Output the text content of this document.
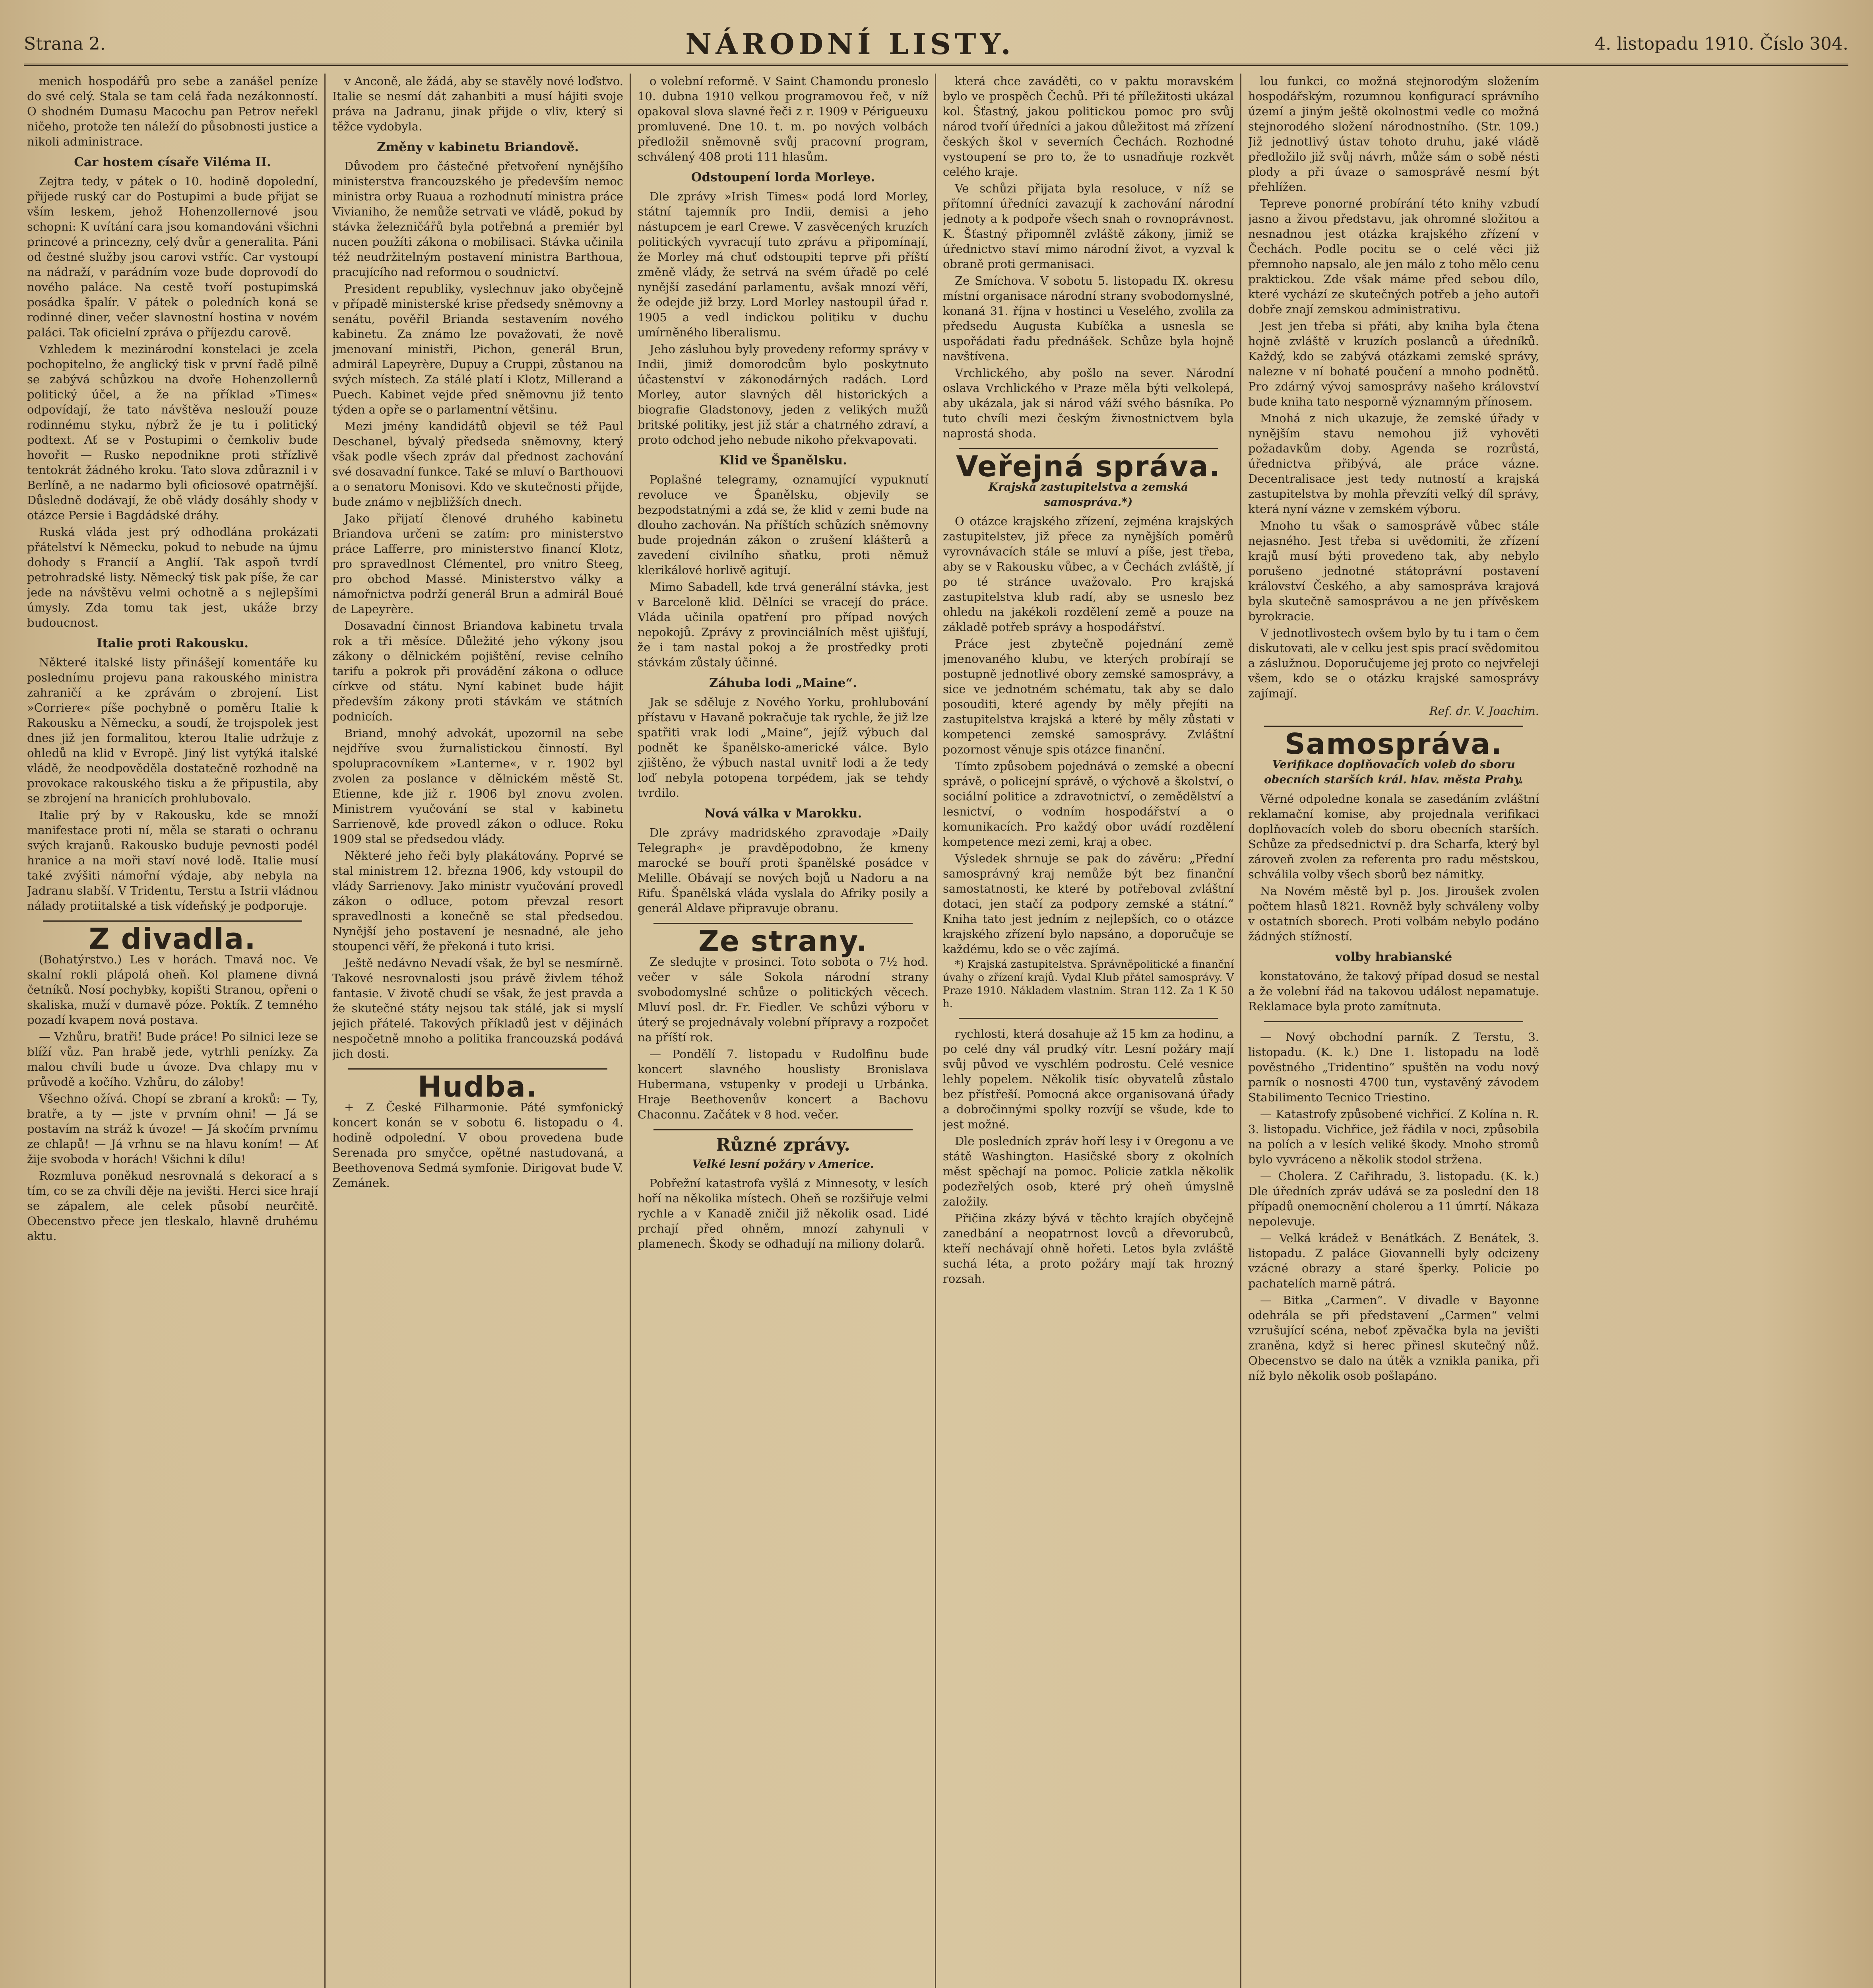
Strana 2.	NÁRODNÍ LISTY.	4. listopadu 1910. Číslo 304.

menich hospodářů pro sebe a zanášel peníze do své celý. Stala se tam celá řada nezákonností. O shodném Dumasu Macochu pan Petrov neřekl ničeho, protože ten náleží do působnosti justice a nikoli administrace.

Car hostem císaře Viléma II.

Zejtra tedy, v pátek o 10. hodině dopolední, přijede ruský car do Postupimi a bude přijat se vším leskem, jehož Hohenzollernové jsou schopni: K uvítání cara jsou komandováni všichni princové a princezny, celý dvůr a generalita. Páni od čestné služby jsou carovi vstříc. Car vystoupí na nádraží, v parádním voze bude doprovodí do nového paláce. Na cestě tvoří postupimská posádka špalír. V pátek o poledních koná se rodinné diner, večer slavnostní hostina v novém paláci. Tak oficielní zpráva o příjezdu carově.

Vzhledem k mezinárodní konstelaci je zcela pochopitelno, že anglický tisk v první řadě pilně se zabývá schůzkou na dvoře Hohenzollernů politický účel, a že na příklad »Times« odpovídají, že tato návštěva neslouží pouze rodinnému styku, nýbrž že je tu i politický podtext. Ať se v Postupimi o čemkoliv bude hovořit — Rusko nepodnikne proti střízlivě tentokrát žádného kroku. Tato slova zdůraznil i v Berlíně, a ne nadarmo byli oficiosové opatrnější. Důsledně dodávají, že obě vlády dosáhly shody v otázce Persie i Bagdádské dráhy.

Ruská vláda jest prý odhodlána prokázati přátelství k Německu, pokud to nebude na újmu dohody s Francií a Anglií. Tak aspoň tvrdí petrohradské listy. Německý tisk pak píše, že car jede na návštěvu velmi ochotně a s nejlepšími úmysly. Zda tomu tak jest, ukáže brzy budoucnost.

Italie proti Rakousku.

Některé italské listy přinášejí komentáře ku poslednímu projevu pana rakouského ministra zahraničí a ke zprávám o zbrojení. List »Corriere« píše pochybně o poměru Italie k Rakousku a Německu, a soudí, že trojspolek jest dnes již jen formalitou, kterou Italie udržuje z ohledů na klid v Evropě. Jiný list vytýká italské vládě, že neodpověděla dostatečně rozhodně na provokace rakouského tisku a že připustila, aby se zbrojení na hranicích prohlubovalo.

Italie prý by v Rakousku, kde se množí manifestace proti ní, měla se starati o ochranu svých krajanů. Rakousko buduje pevnosti podél hranice a na moři staví nové lodě. Italie musí také zvýšiti námořní výdaje, aby nebyla na Jadranu slabší. V Tridentu, Terstu a Istrii vládnou nálady protiitalské a tisk vídeňský je podporuje.

Z divadla.

(Bohatýrstvo.) Les v horách. Tmavá noc. Ve skalní rokli plápolá oheň. Kol plamene divná četníků. Nosí pochybky, kopišti Stranou, opřeni o skaliska, muží v dumavě póze. Poktík. Z temného pozadí kvapem nová postava.

— Vzhůru, bratři! Bude práce! Po silnici leze se blíží vůz. Pan hrabě jede, vytrhli penízky. Za malou chvíli bude u úvoze. Dva chlapy mu v průvodě a kočího. Vzhůru, do záloby!

Všechno ožívá. Chopí se zbraní a kroků: — Ty, bratře, a ty — jste v prvním ohni! — Já se postavím na stráž k úvoze! — Já skočím prvnímu ze chlapů! — Já vrhnu se na hlavu koním! — Ať žije svoboda v horách! Všichni k dílu!

Rozmluva poněkud nesrovnalá s dekorací a s tím, co se za chvíli děje na jevišti. Herci sice hrají se zápalem, ale celek působí neurčitě. Obecenstvo přece jen tleskalo, hlavně druhému aktu.

v Anconě, ale žádá, aby se stavěly nové loďstvo. Italie se nesmí dát zahanbiti a musí hájiti svoje práva na Jadranu, jinak přijde o vliv, který si těžce vydobyla.

Změny v kabinetu Briandově.

Důvodem pro částečné přetvoření nynějšího ministerstva francouzského je především nemoc ministra orby Ruaua a rozhodnutí ministra práce Vivianiho, že nemůže setrvati ve vládě, pokud by stávka železničářů byla potřebná a premiér byl nucen použíti zákona o mobilisaci. Stávka učinila též neudržitelným postavení ministra Barthoua, pracujícího nad reformou o soudnictví.

President republiky, vyslechnuv jako obyčejně v případě ministerské krise předsedy sněmovny a senátu, pověřil Brianda sestavením nového kabinetu. Za známo lze považovati, že nově jmenovaní ministři, Pichon, generál Brun, admirál Lapeyrère, Dupuy a Cruppi, zůstanou na svých místech. Za stálé platí i Klotz, Millerand a Puech. Kabinet vejde před sněmovnu již tento týden a opře se o parlamentní většinu.

Mezi jmény kandidátů objevil se též Paul Deschanel, bývalý předseda sněmovny, který však podle všech zpráv dal přednost zachování své dosavadní funkce. Také se mluví o Barthouovi a o senatoru Monisovi. Kdo ve skutečnosti přijde, bude známo v nejbližších dnech.

Jako přijatí členové druhého kabinetu Briandova určeni se zatím: pro ministerstvo práce Lafferre, pro ministerstvo financí Klotz, pro spravedlnost Clémentel, pro vnitro Steeg, pro obchod Massé. Ministerstvo války a námořnictva podrží generál Brun a admirál Boué de Lapeyrère.

Dosavadní činnost Briandova kabinetu trvala rok a tři měsíce. Důležité jeho výkony jsou zákony o dělnickém pojištění, revise celního tarifu a pokrok při provádění zákona o odluce církve od státu. Nyní kabinet bude hájit především zákony proti stávkám ve státních podnicích.

Briand, mnohý advokát, upozornil na sebe nejdříve svou žurnalistickou činností. Byl spolupracovníkem »Lanterne«, v r. 1902 byl zvolen za poslance v dělnickém městě St. Etienne, kde již r. 1906 byl znovu zvolen. Ministrem vyučování se stal v kabinetu Sarrienově, kde provedl zákon o odluce. Roku 1909 stal se předsedou vlády.

Některé jeho řeči byly plakátovány. Poprvé se stal ministrem 12. března 1906, kdy vstoupil do vlády Sarrienovy. Jako ministr vyučování provedl zákon o odluce, potom převzal resort spravedlnosti a konečně se stal předsedou. Nynější jeho postavení je nesnadné, ale jeho stoupenci věří, že překoná i tuto krisi.

Ještě nedávno Nevadí však, že byl se nesmírně. Takové nesrovnalosti jsou právě živlem téhož fantasie. V životě chudí se však, že jest pravda a že skutečné státy nejsou tak stálé, jak si myslí jejich přátelé. Takových příkladů jest v dějinách nespočetně mnoho a politika francouzská podává jich dosti.

Hudba.

+ Z České Filharmonie. Páté symfonický koncert konán se v sobotu 6. listopadu o 4. hodině odpolední. V obou provedena bude Serenada pro smyčce, opětné nastudovaná, a Beethovenova Sedmá symfonie. Dirigovat bude V. Zemánek.

o volební reformě. V Saint Chamondu proneslo 10. dubna 1910 velkou programovou řeč, v níž opakoval slova slavné řeči z r. 1909 v Périgueuxu promluvené. Dne 10. t. m. po nových volbách předložil sněmovně svůj pracovní program, schválený 408 proti 111 hlasům.

Odstoupení lorda Morleye.

Dle zprávy »Irish Times« podá lord Morley, státní tajemník pro Indii, demisi a jeho nástupcem je earl Crewe. V zasvěcených kruzích politických vyvracují tuto zprávu a připomínají, že Morley má chuť odstoupiti teprve při příští změně vlády, že setrvá na svém úřadě po celé nynější zasedání parlamentu, avšak mnozí věří, že odejde již brzy. Lord Morley nastoupil úřad r. 1905 a vedl indickou politiku v duchu umírněného liberalismu.

Jeho zásluhou byly provedeny reformy správy v Indii, jimiž domorodcům bylo poskytnuto účastenství v zákonodárných radách. Lord Morley, autor slavných děl historických a biografie Gladstonovy, jeden z velikých mužů britské politiky, jest již stár a chatrného zdraví, a proto odchod jeho nebude nikoho překvapovati.

Klid ve Španělsku.

Poplašné telegramy, oznamující vypuknutí revoluce ve Španělsku, objevily se bezpodstatnými a zdá se, že klid v zemi bude na dlouho zachován. Na příštích schůzích sněmovny bude projednán zákon o zrušení klášterů a zavedení civilního sňatku, proti němuž klerikálové horlivě agitují.

Mimo Sabadell, kde trvá generální stávka, jest v Barceloně klid. Dělníci se vracejí do práce. Vláda učinila opatření pro případ nových nepokojů. Zprávy z provinciálních měst ujišťují, že i tam nastal pokoj a že prostředky proti stávkám zůstaly účinné.

Záhuba lodi „Maine“.

Jak se sděluje z Nového Yorku, prohlubování přístavu v Havaně pokračuje tak rychle, že již lze spatřiti vrak lodi „Maine“, jejíž výbuch dal podnět ke španělsko-americké válce. Bylo zjištěno, že výbuch nastal uvnitř lodi a že tedy loď nebyla potopena torpédem, jak se tehdy tvrdilo.

Nová válka v Marokku.

Dle zprávy madridského zpravodaje »Daily Telegraph« je pravděpodobno, že kmeny marocké se bouří proti španělské posádce v Melille. Obávají se nových bojů u Nadoru a na Rifu. Španělská vláda vyslala do Afriky posily a generál Aldave připravuje obranu.

Ze strany.

Ze sledujte v prosinci. Toto sobota o 7½ hod. večer v sále Sokola národní strany svobodomyslné schůze o politických věcech. Mluví posl. dr. Fr. Fiedler. Ve schůzi výboru v úterý se projednávaly volební přípravy a rozpočet na příští rok.

— Pondělí 7. listopadu v Rudolfinu bude koncert slavného houslisty Bronislava Hubermana, vstupenky v prodeji u Urbánka. Hraje Beethovenův koncert a Bachovu Chaconnu. Začátek v 8 hod. večer.

Různé zprávy.
Velké lesní požáry v Americe.

Pobřežní katastrofa vyšlá z Minnesoty, v lesích hoří na několika místech. Oheň se rozšiřuje velmi rychle a v Kanadě zničil již několik osad. Lidé prchají před ohněm, mnozí zahynuli v plamenech. Škody se odhadují na miliony dolarů.

která chce zaváděti, co v paktu moravském bylo ve prospěch Čechů. Při té příležitosti ukázal kol. Šťastný, jakou politickou pomoc pro svůj národ tvoří úředníci a jakou důležitost má zřízení českých škol v severních Čechách. Rozhodné vystoupení se pro to, že to usnadňuje rozkvět celého kraje.

Ve schůzi přijata byla resoluce, v níž se přítomní úředníci zavazují k zachování národní jednoty a k podpoře všech snah o rovnoprávnost. K. Šťastný připomněl zvláště zákony, jimiž se úřednictvo staví mimo národní život, a vyzval k obraně proti germanisaci.

Ze Smíchova. V sobotu 5. listopadu IX. okresu místní organisace národní strany svobodomyslné, konaná 31. října v hostinci u Veselého, zvolila za předsedu Augusta Kubíčka a usnesla se uspořádati řadu přednášek. Schůze byla hojně navštívena.

Vrchlického, aby pošlo na sever. Národní oslava Vrchlického v Praze měla býti velkolepá, aby ukázala, jak si národ váží svého básníka. Po tuto chvíli mezi českým živnostnictvem byla naprostá shoda.

Veřejná správa.
Krajská zastupitelstva a zemská samospráva.*)

O otázce krajského zřízení, zejména krajských zastupitelstev, již přece za nynějších poměrů vyrovnávacích stále se mluví a píše, jest třeba, aby se v Rakousku vůbec, a v Čechách zvláště, jí po té stránce uvažovalo. Pro krajská zastupitelstva klub radí, aby se usneslo bez ohledu na jakékoli rozdělení země a pouze na základě potřeb správy a hospodářství.

Práce jest zbytečně pojednání země jmenovaného klubu, ve kterých probírají se postupně jednotlivé obory zemské samosprávy, a sice ve jednotném schématu, tak aby se dalo posouditi, které agendy by měly přejíti na zastupitelstva krajská a které by měly zůstati v kompetenci zemské samosprávy. Zvláštní pozornost věnuje spis otázce finanční.

Tímto způsobem pojednává o zemské a obecní správě, o policejní správě, o výchově a školství, o sociální politice a zdravotnictví, o zemědělství a lesnictví, o vodním hospodářství a o komunikacích. Pro každý obor uvádí rozdělení kompetence mezi zemi, kraj a obec.

Výsledek shrnuje se pak do závěru: „Přední samosprávný kraj nemůže být bez finanční samostatnosti, ke které by potřeboval zvláštní dotaci, jen stačí za podpory zemské a státní.“ Kniha tato jest jedním z nejlepších, co o otázce krajského zřízení bylo napsáno, a doporučuje se každému, kdo se o věc zajímá.

*) Krajská zastupitelstva. Správněpolitické a finanční úvahy o zřízení krajů. Vydal Klub přátel samosprávy. V Praze 1910. Nákladem vlastním. Stran 112. Za 1 K 50 h.

rychlosti, která dosahuje až 15 km za hodinu, a po celé dny vál prudký vítr. Lesní požáry mají svůj původ ve vyschlém podrostu. Celé vesnice lehly popelem. Několik tisíc obyvatelů zůstalo bez přístřeší. Pomocná akce organisovaná úřady a dobročinnými spolky rozvíjí se všude, kde to jest možné.

Dle posledních zpráv hoří lesy i v Oregonu a ve státě Washington. Hasičské sbory z okolních měst spěchají na pomoc. Policie zatkla několik podezřelých osob, které prý oheň úmyslně založily.

Přičina zkázy bývá v těchto krajích obyčejně zanedbání a neopatrnost lovců a dřevorubců, kteří nechávají ohně hořeti. Letos byla zvláště suchá léta, a proto požáry mají tak hrozný rozsah.

lou funkci, co možná stejnorodým složením hospodářským, rozumnou konfigurací správního území a jiným ještě okolnostmi vedle co možná stejnorodého složení národnostního. (Str. 109.) Již jednotlivý ústav tohoto druhu, jaké vládě předložilo již svůj návrh, může sám o sobě nésti plody a při úvaze o samosprávě nesmí být přehlížen.

Tepreve ponorné probírání této knihy vzbudí jasno a živou představu, jak ohromné složitou a nesnadnou jest otázka krajského zřízení v Čechách. Podle pocitu se o celé věci již přemnoho napsalo, ale jen málo z toho mělo cenu praktickou. Zde však máme před sebou dílo, které vychází ze skutečných potřeb a jeho autoři dobře znají zemskou administrativu.

Jest jen třeba si přáti, aby kniha byla čtena hojně zvláště v kruzích poslanců a úředníků. Každý, kdo se zabývá otázkami zemské správy, nalezne v ní bohaté poučení a mnoho podnětů. Pro zdárný vývoj samosprávy našeho království bude kniha tato nesporně významným přínosem.

Mnohá z nich ukazuje, že zemské úřady v nynějším stavu nemohou již vyhověti požadavkům doby. Agenda se rozrůstá, úřednictva přibývá, ale práce vázne. Decentralisace jest tedy nutností a krajská zastupitelstva by mohla převzíti velký díl správy, která nyní vázne v zemském výboru.

Mnoho tu však o samosprávě vůbec stále nejasného. Jest třeba si uvědomiti, že zřízení krajů musí býti provedeno tak, aby nebylo porušeno jednotné státoprávní postavení království Českého, a aby samospráva krajová byla skutečně samosprávou a ne jen přívěskem byrokracie.

V jednotlivostech ovšem bylo by tu i tam o čem diskutovati, ale v celku jest spis prací svědomitou a záslužnou. Doporučujeme jej proto co nejvřeleji všem, kdo se o otázku krajské samosprávy zajímají.

Ref. dr. V. Joachim.
Samospráva.
Verifikace doplňovacích voleb do sboru obecních starších král. hlav. města Prahy.

Věrné odpoledne konala se zasedáním zvláštní reklamační komise, aby projednala verifikaci doplňovacích voleb do sboru obecních starších. Schůze za předsednictví p. dra Scharfa, který byl zároveň zvolen za referenta pro radu městskou, schválila volby všech sborů bez námitky.

Na Novém městě byl p. Jos. Jiroušek zvolen počtem hlasů 1821. Rovněž byly schváleny volby v ostatních sborech. Proti volbám nebylo podáno žádných stížností.

volby hrabianské

konstatováno, že takový případ dosud se nestal a že volební řád na takovou událost nepamatuje. Reklamace byla proto zamítnuta.

— Nový obchodní parník. Z Terstu, 3. listopadu. (K. k.) Dne 1. listopadu na lodě pověstného „Tridentino“ spuštěn na vodu nový parník o nosnosti 4700 tun, vystavěný závodem Stabilimento Tecnico Triestino.

— Katastrofy způsobené vichřicí. Z Kolína n. R. 3. listopadu. Vichřice, jež řádila v noci, způsobila na polích a v lesích veliké škody. Mnoho stromů bylo vyvráceno a několik stodol stržena.

— Cholera. Z Cařihradu, 3. listopadu. (K. k.) Dle úředních zpráv udává se za poslední den 18 případů onemocnění cholerou a 11 úmrtí. Nákaza nepolevuje.

— Velká krádež v Benátkách. Z Benátek, 3. listopadu. Z paláce Giovannelli byly odcizeny vzácné obrazy a staré šperky. Policie po pachatelích marně pátrá.

— Bitka „Carmen“. V divadle v Bayonne odehrála se při představení „Carmen“ velmi vzrušující scéna, neboť zpěvačka byla na jevišti zraněna, když si herec přinesl skutečný nůž. Obecenstvo se dalo na útěk a vznikla panika, při níž bylo několik osob pošlapáno.
